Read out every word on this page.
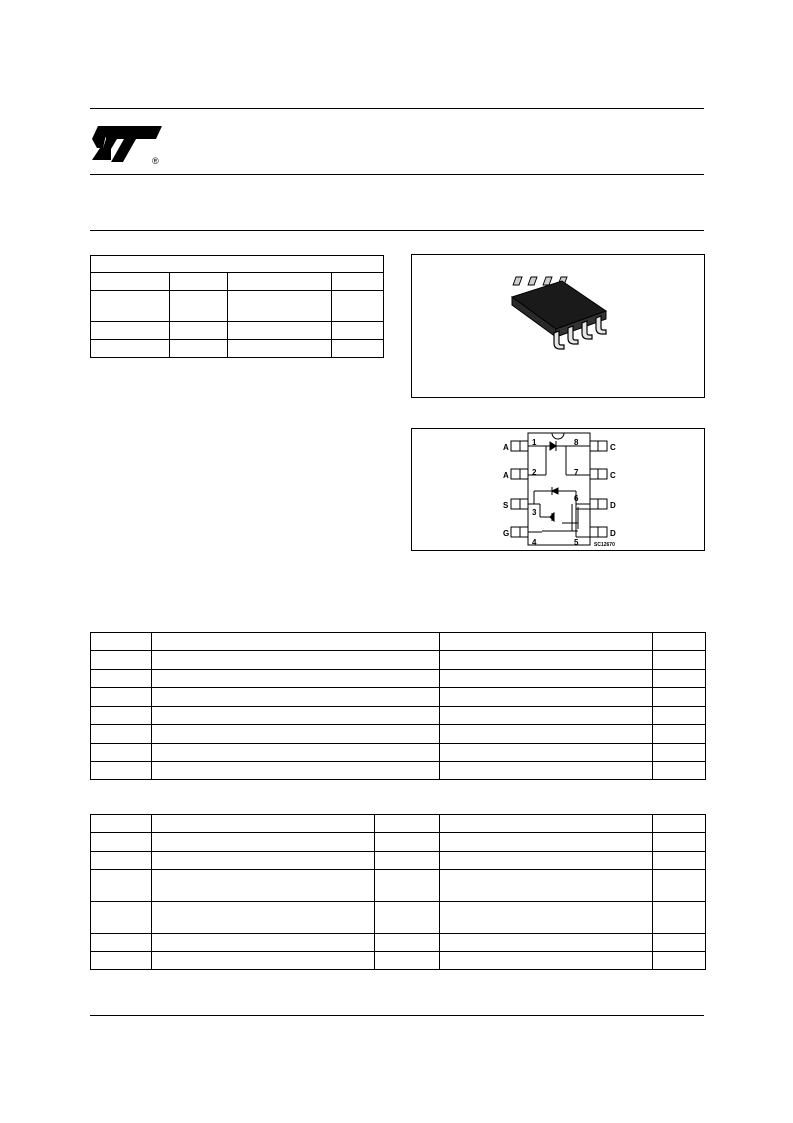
®

A
A
S
G
C
C
D
D
1
2
3
4
8
7
6
5	SC12670
